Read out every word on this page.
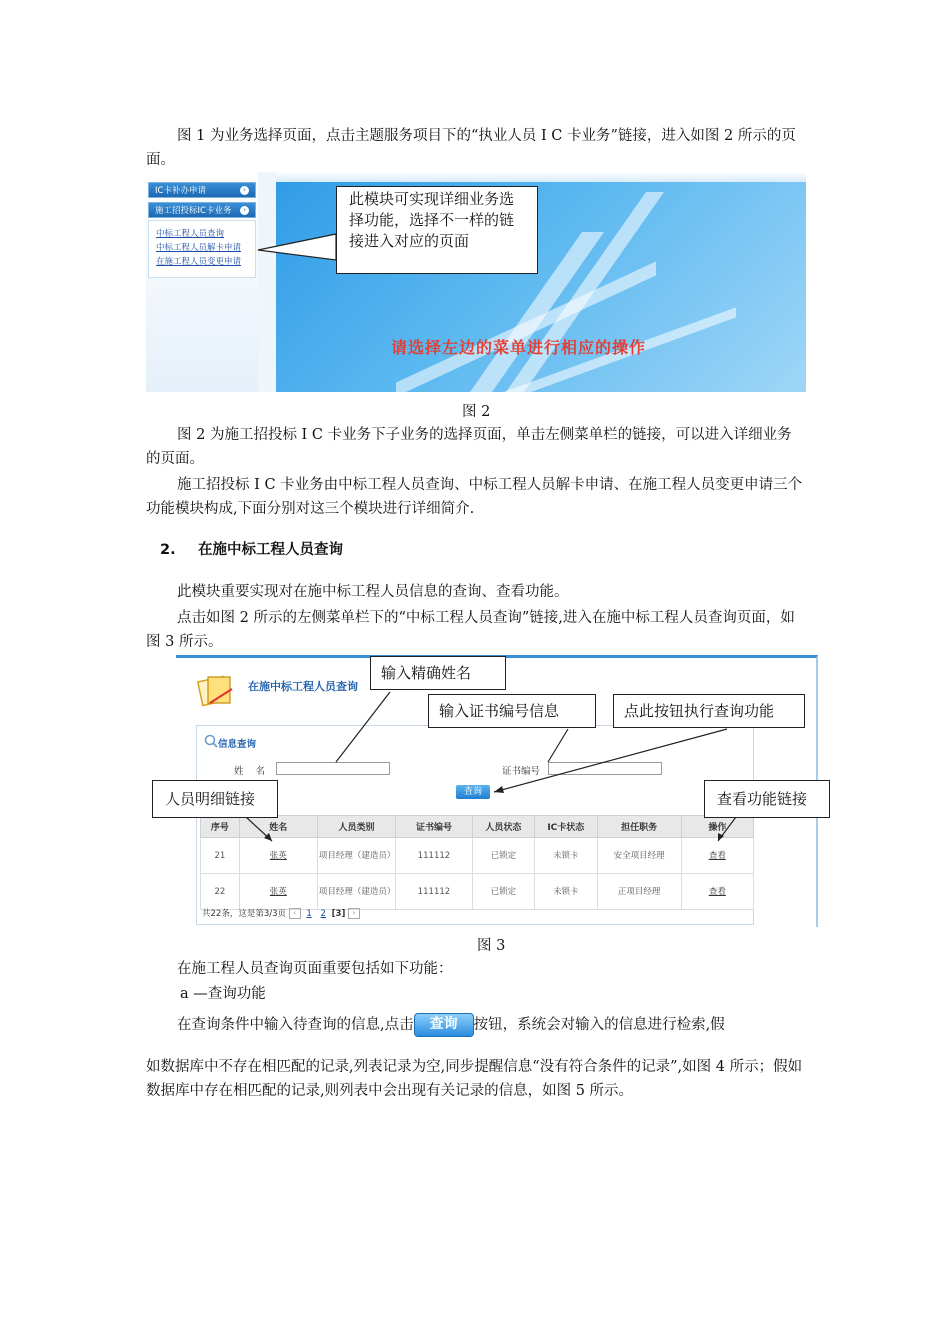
图 1 为业务选择页面，点击主题服务项目下的“执业人员 I C 卡业务”链接，进入如图 2 所示的页面。

IC卡补办申请	›
施工招投标IC卡业务	›
中标工程人员查询
中标工程人员解卡申请
在施工程人员变更申请
请选择左边的菜单进行相应的操作
此模块可实现详细业务选择功能，选择不一样的链接进入对应的页面
图 2

图 2 为施工招投标 I C 卡业务下子业务的选择页面，单击左侧菜单栏的链接，可以进入详细业务的页面。

施工招投标 I C 卡业务由中标工程人员查询、中标工程人员解卡申请、在施工程人员变更申请三个功能模块构成,下面分别对这三个模块进行详细简介.

2. 在施中标工程人员查询

此模块重要实现对在施中标工程人员信息的查询、查看功能。

点击如图 2 所示的左侧菜单栏下的“中标工程人员查询”链接,进入在施中标工程人员查询页面，如图 3 所示。

在施中标工程人员查询
信息查询
姓    名	证书编号
查询
序号	姓名	人员类别	证书编号	人员状态	IC卡状态	担任职务	操作
21	张英	项目经理（建造员）	111112	已锁定	未锁卡	安全项目经理	查看
22	张英	项目经理（建造员）	111112	已锁定	未锁卡	正项目经理	查看
共22条，这是第3/3页 ‹ 1 2 [3] ›
输入精确姓名
输入证书编号信息	点此按钮执行查询功能
人员明细链接	查看功能链接
图 3

在施工程人员查询页面重要包括如下功能：

a —查询功能

在查询条件中输入待查询的信息,点击 查询 按钮，系统会对输入的信息进行检索,假

如数据库中不存在相匹配的记录,列表记录为空,同步提醒信息“没有符合条件的记录”,如图 4 所示；假如数据库中存在相匹配的记录,则列表中会出现有关记录的信息，如图 5 所示。
